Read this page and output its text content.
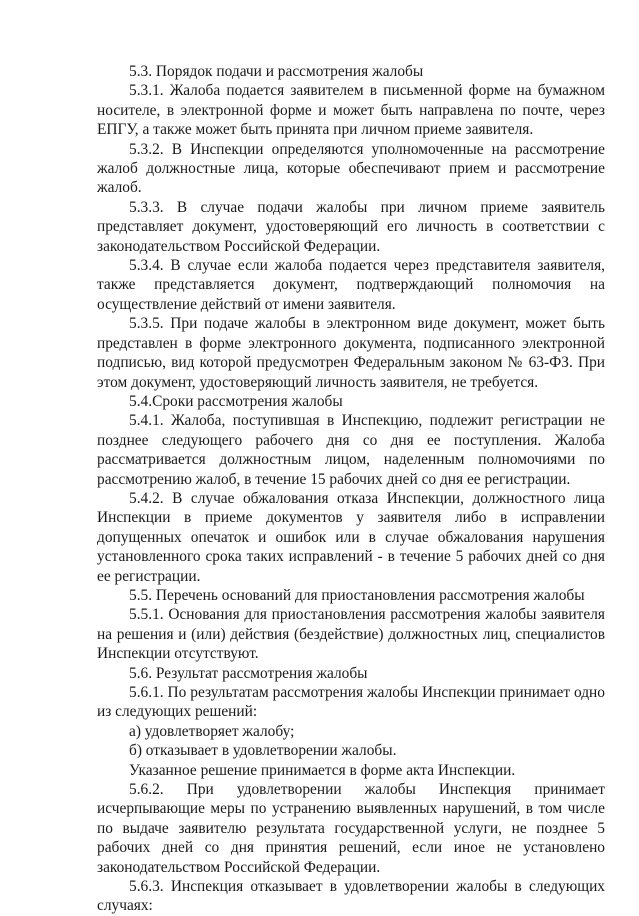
5.3. Порядок подачи и рассмотрения жалобы

5.3.1. Жалоба подается заявителем в письменной форме на бумажном носителе, в электронной форме и может быть направлена по почте, через ЕПГУ, а также может быть принята при личном приеме заявителя.

5.3.2. В Инспекции определяются уполномоченные на рассмотрение жалоб должностные лица, которые обеспечивают прием и рассмотрение жалоб.

5.3.3. В случае подачи жалобы при личном приеме заявитель представляет документ, удостоверяющий его личность в соответствии с законодательством Российской Федерации.

5.3.4. В случае если жалоба подается через представителя заявителя, также представляется документ, подтверждающий полномочия на осуществление действий от имени заявителя.

5.3.5. При подаче жалобы в электронном виде документ, может быть представлен в форме электронного документа, подписанного электронной подписью, вид которой предусмотрен Федеральным законом № 63-ФЗ. При этом документ, удостоверяющий личность заявителя, не требуется.

5.4.Сроки рассмотрения жалобы

5.4.1. Жалоба, поступившая в Инспекцию, подлежит регистрации не позднее следующего рабочего дня со дня ее поступления. Жалоба рассматривается должностным лицом, наделенным полномочиями по рассмотрению жалоб, в течение 15 рабочих дней со дня ее регистрации.

5.4.2. В случае обжалования отказа Инспекции, должностного лица Инспекции в приеме документов у заявителя либо в исправлении допущенных опечаток и ошибок или в случае обжалования нарушения установленного срока таких исправлений - в течение 5 рабочих дней со дня ее регистрации.

5.5. Перечень оснований для приостановления рассмотрения жалобы

5.5.1. Основания для приостановления рассмотрения жалобы заявителя на решения и (или) действия (бездействие) должностных лиц, специалистов Инспекции отсутствуют.

5.6. Результат рассмотрения жалобы

5.6.1. По результатам рассмотрения жалобы Инспекции принимает одно из следующих решений:

а) удовлетворяет жалобу;

б) отказывает в удовлетворении жалобы.

Указанное решение принимается в форме акта Инспекции.

5.6.2. При удовлетворении жалобы Инспекция принимает исчерпывающие меры по устранению выявленных нарушений, в том числе по выдаче заявителю результата государственной услуги, не позднее 5 рабочих дней со дня принятия решений, если иное не установлено законодательством Российской Федерации.

5.6.3. Инспекция отказывает в удовлетворении жалобы в следующих случаях:
